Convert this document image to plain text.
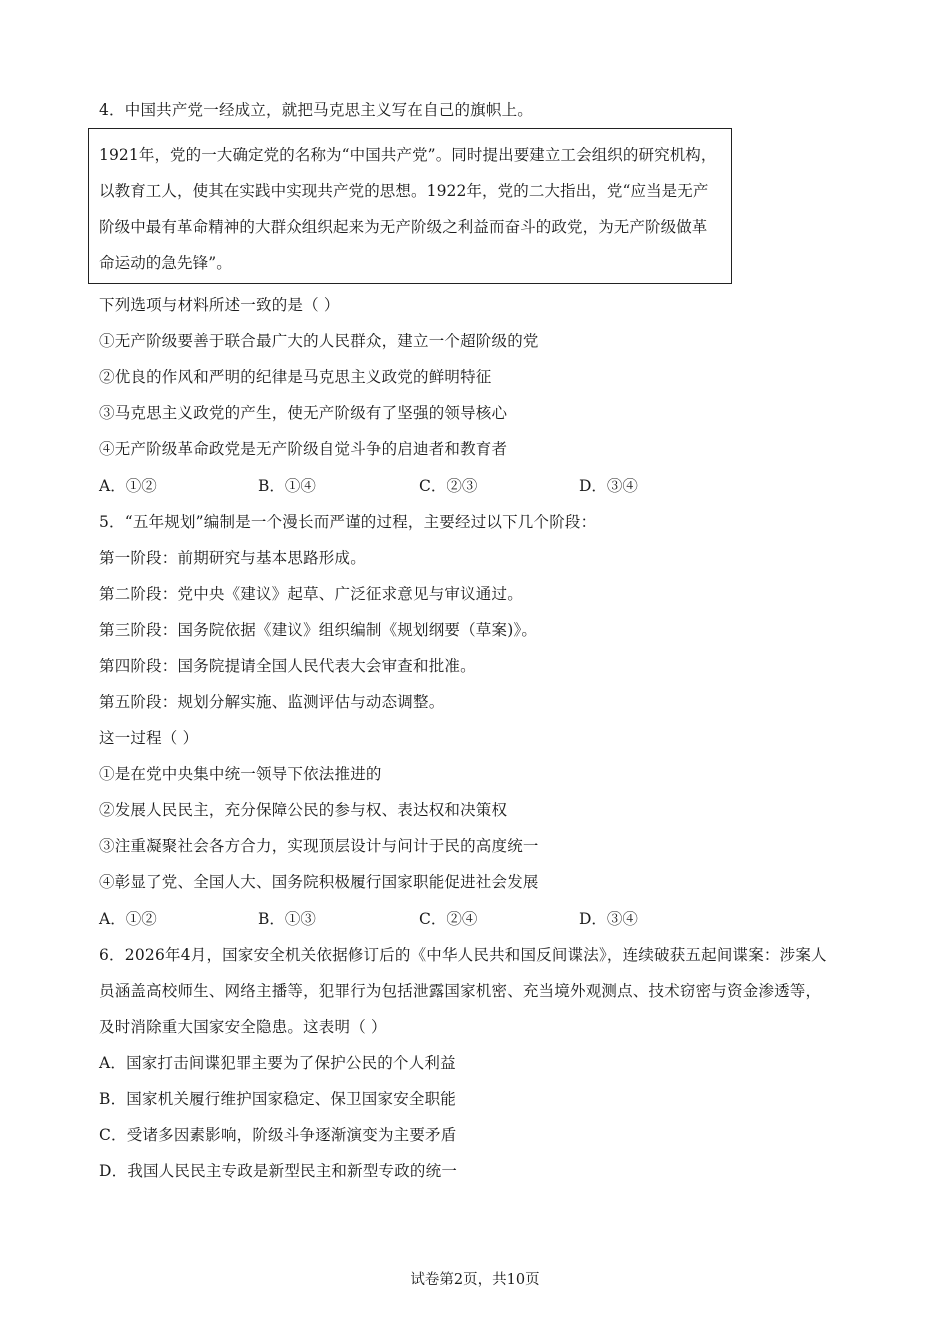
4．中国共产党一经成立，就把马克思主义写在自己的旗帜上。
1921年，党的一大确定党的名称为“中国共产党”。同时提出要建立工会组织的研究机构，
以教育工人，使其在实践中实现共产党的思想。1922年，党的二大指出，党“应当是无产
阶级中最有革命精神的大群众组织起来为无产阶级之利益而奋斗的政党，为无产阶级做革
命运动的急先锋”。
下列选项与材料所述一致的是（ ）
①无产阶级要善于联合最广大的人民群众，建立一个超阶级的党
②优良的作风和严明的纪律是马克思主义政党的鲜明特征
③马克思主义政党的产生，使无产阶级有了坚强的领导核心
④无产阶级革命政党是无产阶级自觉斗争的启迪者和教育者
A．①②	B．①④	C．②③	D．③④
5．“五年规划”编制是一个漫长而严谨的过程，主要经过以下几个阶段：
第一阶段：前期研究与基本思路形成。
第二阶段：党中央《建议》起草、广泛征求意见与审议通过。
第三阶段：国务院依据《建议》组织编制《规划纲要（草案)》。
第四阶段：国务院提请全国人民代表大会审查和批准。
第五阶段：规划分解实施、监测评估与动态调整。
这一过程（ ）
①是在党中央集中统一领导下依法推进的
②发展人民民主，充分保障公民的参与权、表达权和决策权
③注重凝聚社会各方合力，实现顶层设计与问计于民的高度统一
④彰显了党、全国人大、国务院积极履行国家职能促进社会发展
A．①②	B．①③	C．②④	D．③④
6．2026年4月，国家安全机关依据修订后的《中华人民共和国反间谍法》，连续破获五起间谍案：涉案人
员涵盖高校师生、网络主播等，犯罪行为包括泄露国家机密、充当境外观测点、技术窃密与资金渗透等，
及时消除重大国家安全隐患。这表明（ ）
A．国家打击间谍犯罪主要为了保护公民的个人利益
B．国家机关履行维护国家稳定、保卫国家安全职能
C．受诸多因素影响，阶级斗争逐渐演变为主要矛盾
D．我国人民民主专政是新型民主和新型专政的统一
试卷第2页，共10页
